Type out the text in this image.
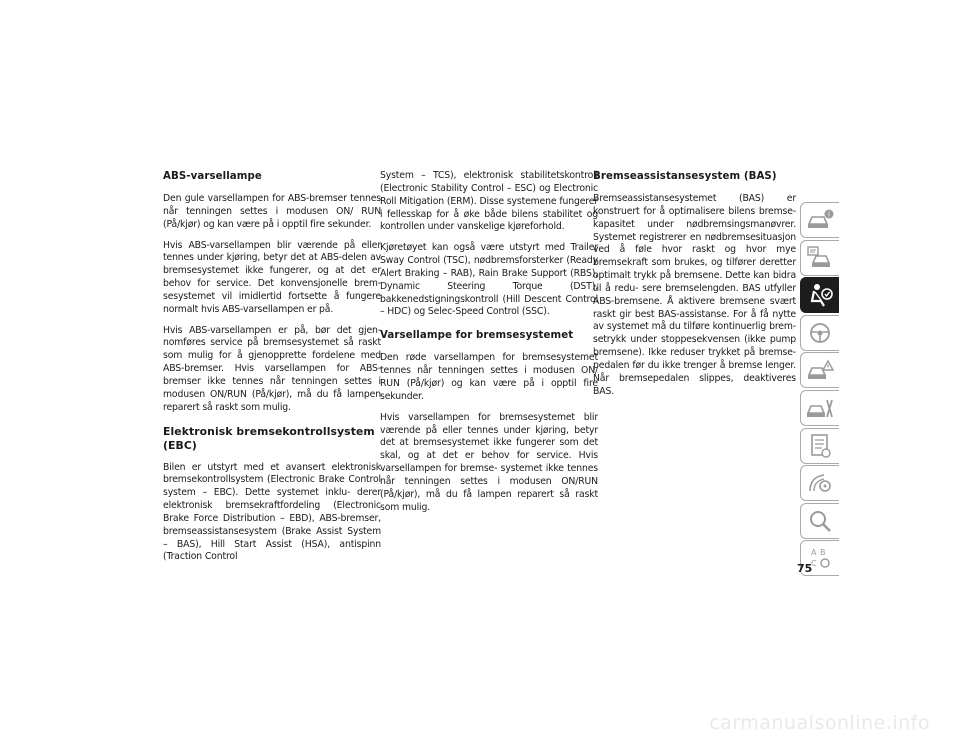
ABS-varsellampe

Den gule varsellampen for ABS-bremser tennes når tenningen settes i modusen ON/ RUN (På/kjør) og kan være på i opptil fire sekunder.

Hvis ABS-varsellampen blir værende på eller tennes under kjøring, betyr det at ABS-delen av bremsesystemet ikke fungerer, og at det er behov for service. Det konvensjonelle brem- sesystemet vil imidlertid fortsette å fungere normalt hvis ABS-varsellampen er på.

Hvis ABS-varsellampen er på, bør det gjen- nomføres service på bremsesystemet så raskt som mulig for å gjenopprette fordelene med ABS-bremser. Hvis varsellampen for ABS-bremser ikke tennes når tenningen settes i modusen ON/RUN (På/kjør), må du få lampen reparert så raskt som mulig.

Elektronisk bremsekontrollsystem (EBC)

Bilen er utstyrt med et avansert elektronisk bremsekontrollsystem (Electronic Brake Control system – EBC). Dette systemet inklu- derer elektronisk bremsekraftfordeling (Electronic Brake Force Distribution – EBD), ABS-bremser, bremseassistansesystem (Brake Assist System – BAS), Hill Start Assist (HSA), antispinn (Traction Control

System – TCS), elektronisk stabilitetskontroll (Electronic Stability Control – ESC) og Electronic Roll Mitigation (ERM). Disse systemene fungerer i fellesskap for å øke både bilens stabilitet og kontrollen under vanskelige kjøreforhold.

Kjøretøyet kan også være utstyrt med Trailer Sway Control (TSC), nødbremsforsterker (Ready Alert Braking – RAB), Rain Brake Support (RBS), Dynamic Steering Torque (DST), bakkenedstigningskontroll (Hill Descent Control – HDC) og Selec-Speed Control (SSC).

Varsellampe for bremsesystemet

Den røde varsellampen for bremsesystemet tennes når tenningen settes i modusen ON/ RUN (På/kjør) og kan være på i opptil fire sekunder.

Hvis varsellampen for bremsesystemet blir værende på eller tennes under kjøring, betyr det at bremsesystemet ikke fungerer som det skal, og at det er behov for service. Hvis varsellampen for bremse- systemet ikke tennes når tenningen settes i modusen ON/RUN (På/kjør), må du få lampen reparert så raskt som mulig.

Bremseassistansesystem (BAS)

Bremseassistansesystemet (BAS) er konstruert for å optimalisere bilens bremse- kapasitet under nødbremsingsmanøvrer. Systemet registrerer en nødbremsesituasjon ved å føle hvor raskt og hvor mye bremsekraft som brukes, og tilfører deretter optimalt trykk på bremsene. Dette kan bidra til å redu- sere bremselengden. BAS utfyller ABS-bremsene. Å aktivere bremsene svært raskt gir best BAS-assistanse. For å få nytte av systemet må du tilføre kontinuerlig brem- setrykk under stoppesekvensen (ikke pump bremsene). Ikke reduser trykket på bremse- pedalen før du ikke trenger å bremse lenger. Når bremsepedalen slippes, deaktiveres BAS.

i
A B
C
75
carmanualsonline.info
